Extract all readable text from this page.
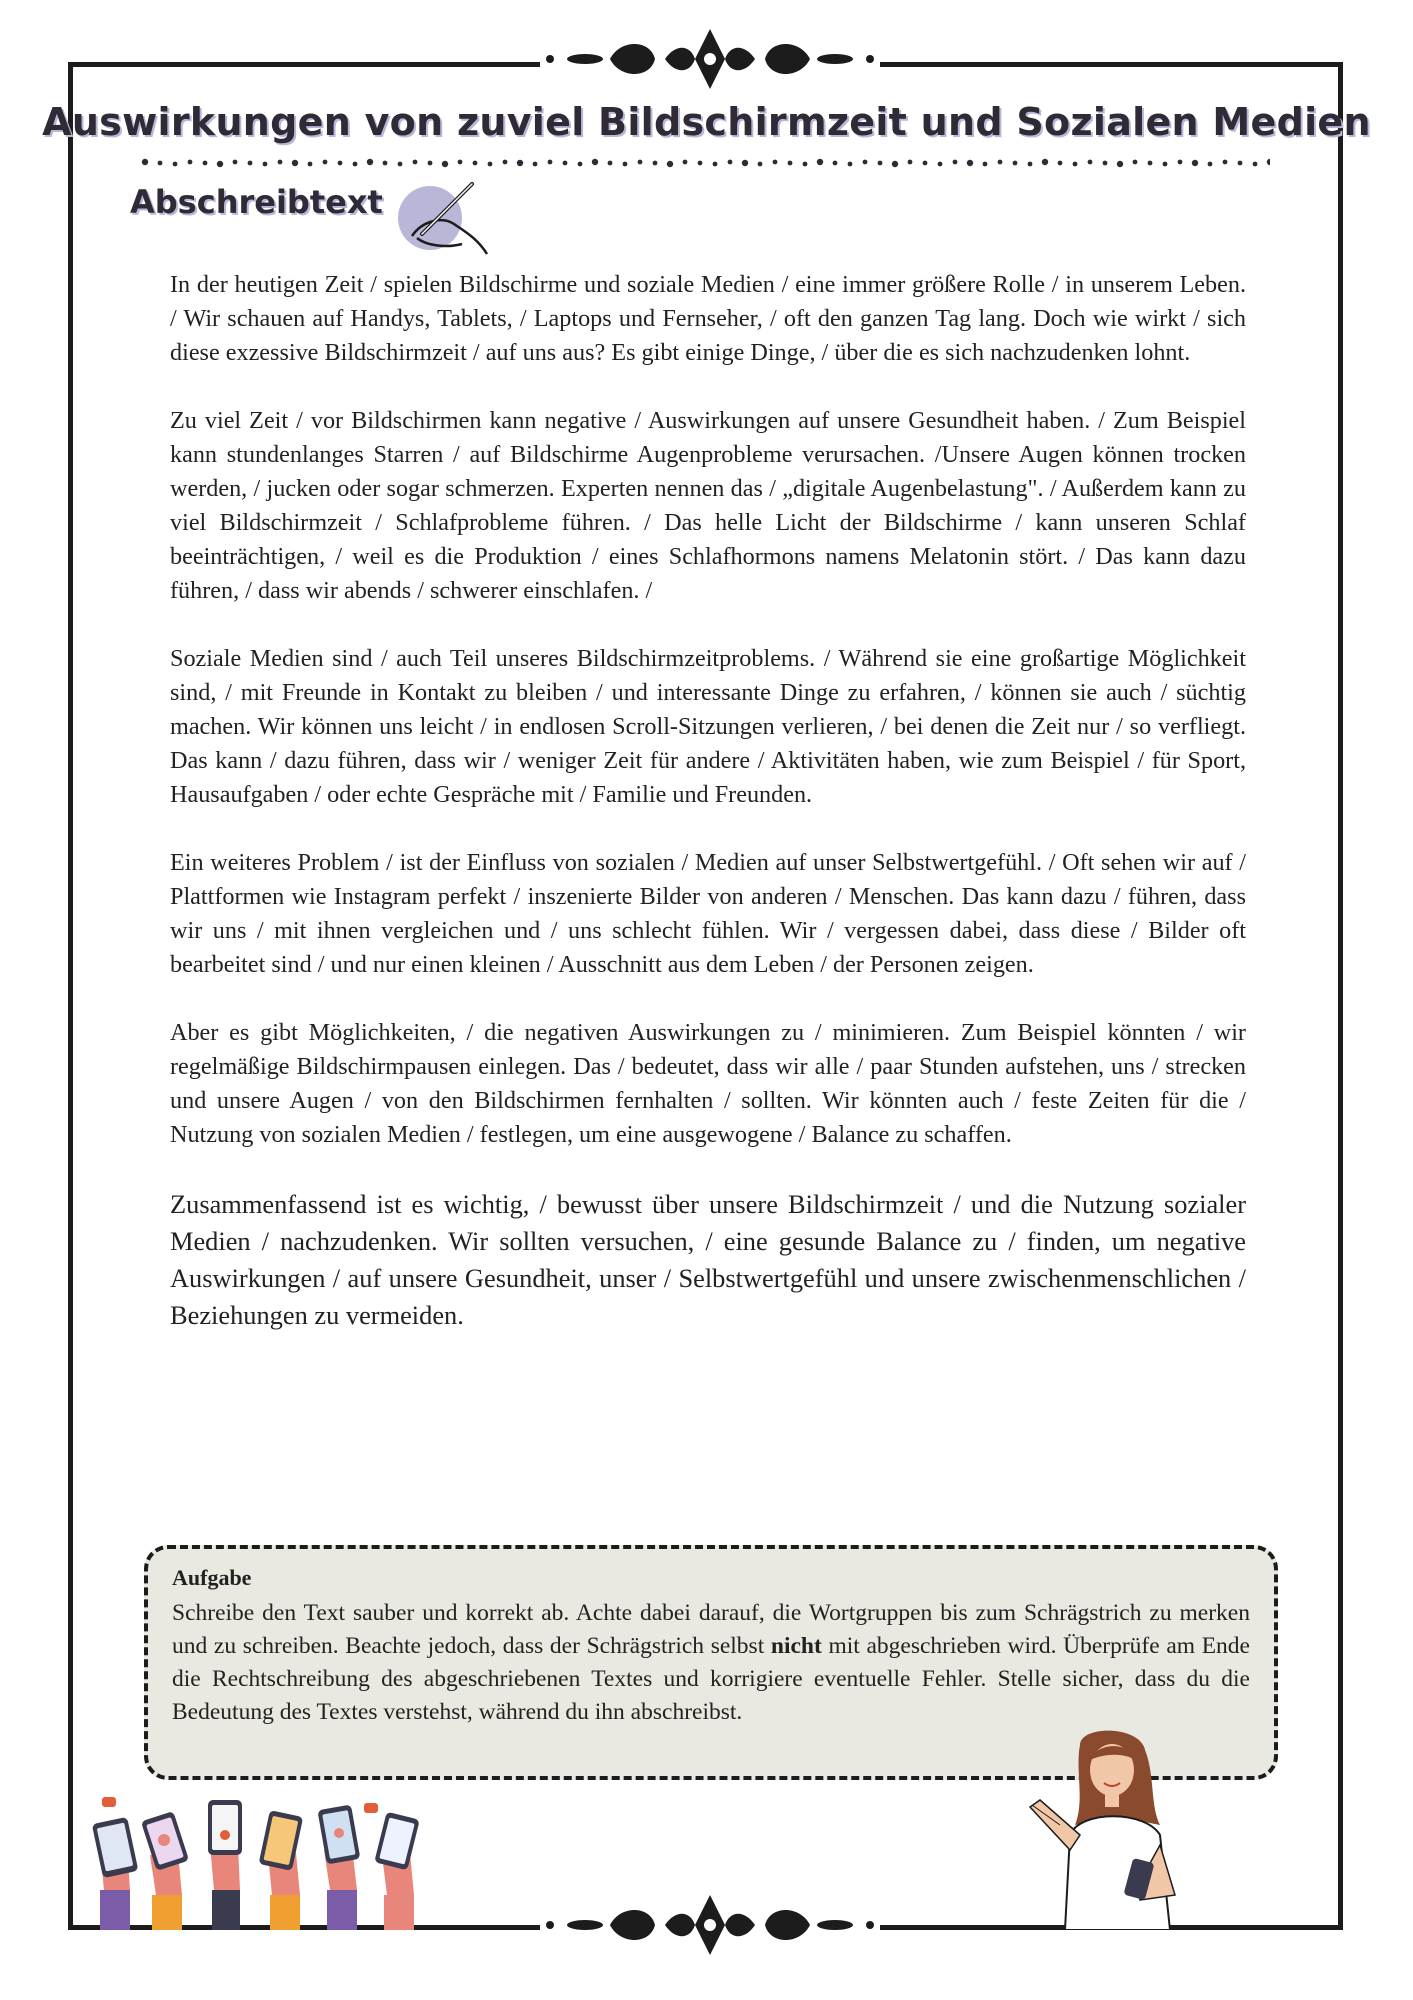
Auswirkungen von zuviel Bildschirmzeit und Sozialen Medien
Abschreibtext

In der heutigen Zeit / spielen Bildschirme und soziale Medien / eine immer größere Rolle / in unserem Leben. / Wir schauen auf Handys, Tablets, / Laptops und Fernseher, / oft den ganzen Tag lang. Doch wie wirkt / sich diese exzessive Bildschirmzeit / auf uns aus? Es gibt einige Dinge, / über die es sich nachzudenken lohnt.

Zu viel Zeit / vor Bildschirmen kann negative / Auswirkungen auf unsere Gesundheit haben. / Zum Beispiel kann stundenlanges Starren / auf Bildschirme Augenprobleme verursachen. /Unsere Augen können trocken werden, / jucken oder sogar schmerzen. Experten nennen das / „digitale Augenbelastung". / Außerdem kann zu viel Bildschirmzeit / Schlafprobleme führen. / Das helle Licht der Bildschirme / kann unseren Schlaf beeinträchtigen, / weil es die Produktion / eines Schlafhormons namens Melatonin stört. / Das kann dazu führen, / dass wir abends / schwerer einschlafen. /

Soziale Medien sind / auch Teil unseres Bildschirmzeitproblems. / Während sie eine großartige Möglichkeit sind, / mit Freunde in Kontakt zu bleiben / und interessante Dinge zu erfahren, / können sie auch / süchtig machen. Wir können uns leicht / in endlosen Scroll-Sitzungen verlieren, / bei denen die Zeit nur / so verfliegt. Das kann / dazu führen, dass wir / weniger Zeit für andere / Aktivitäten haben, wie zum Beispiel / für Sport, Hausaufgaben / oder echte Gespräche mit / Familie und Freunden.

Ein weiteres Problem / ist der Einfluss von sozialen / Medien auf unser Selbstwertgefühl. / Oft sehen wir auf / Plattformen wie Instagram perfekt / inszenierte Bilder von anderen / Menschen. Das kann dazu / führen, dass wir uns / mit ihnen vergleichen und / uns schlecht fühlen. Wir / vergessen dabei, dass diese / Bilder oft bearbeitet sind / und nur einen kleinen / Ausschnitt aus dem Leben / der Personen zeigen.

Aber es gibt Möglichkeiten, / die negativen Auswirkungen zu / minimieren. Zum Beispiel könnten / wir regelmäßige Bildschirmpausen einlegen. Das / bedeutet, dass wir alle / paar Stunden aufstehen, uns / strecken und unsere Augen / von den Bildschirmen fernhalten / sollten. Wir könnten auch / feste Zeiten für die / Nutzung von sozialen Medien / festlegen, um eine ausgewogene / Balance zu schaffen.

Zusammenfassend ist es wichtig, / bewusst über unsere Bildschirmzeit / und die Nutzung sozialer Medien / nachzudenken. Wir sollten versuchen, / eine gesunde Balance zu / finden, um negative Auswirkungen / auf unsere Gesundheit, unser / Selbstwertgefühl und unsere zwischenmenschlichen / Beziehungen zu vermeiden.

Aufgabe
Schreibe den Text sauber und korrekt ab. Achte dabei darauf, die Wortgruppen bis zum Schrägstrich zu merken und zu schreiben. Beachte jedoch, dass der Schrägstrich selbst nicht mit abgeschrieben wird. Überprüfe am Ende die Rechtschreibung des abgeschriebenen Textes und korrigiere eventuelle Fehler. Stelle sicher, dass du die Bedeutung des Textes verstehst, während du ihn abschreibst.
